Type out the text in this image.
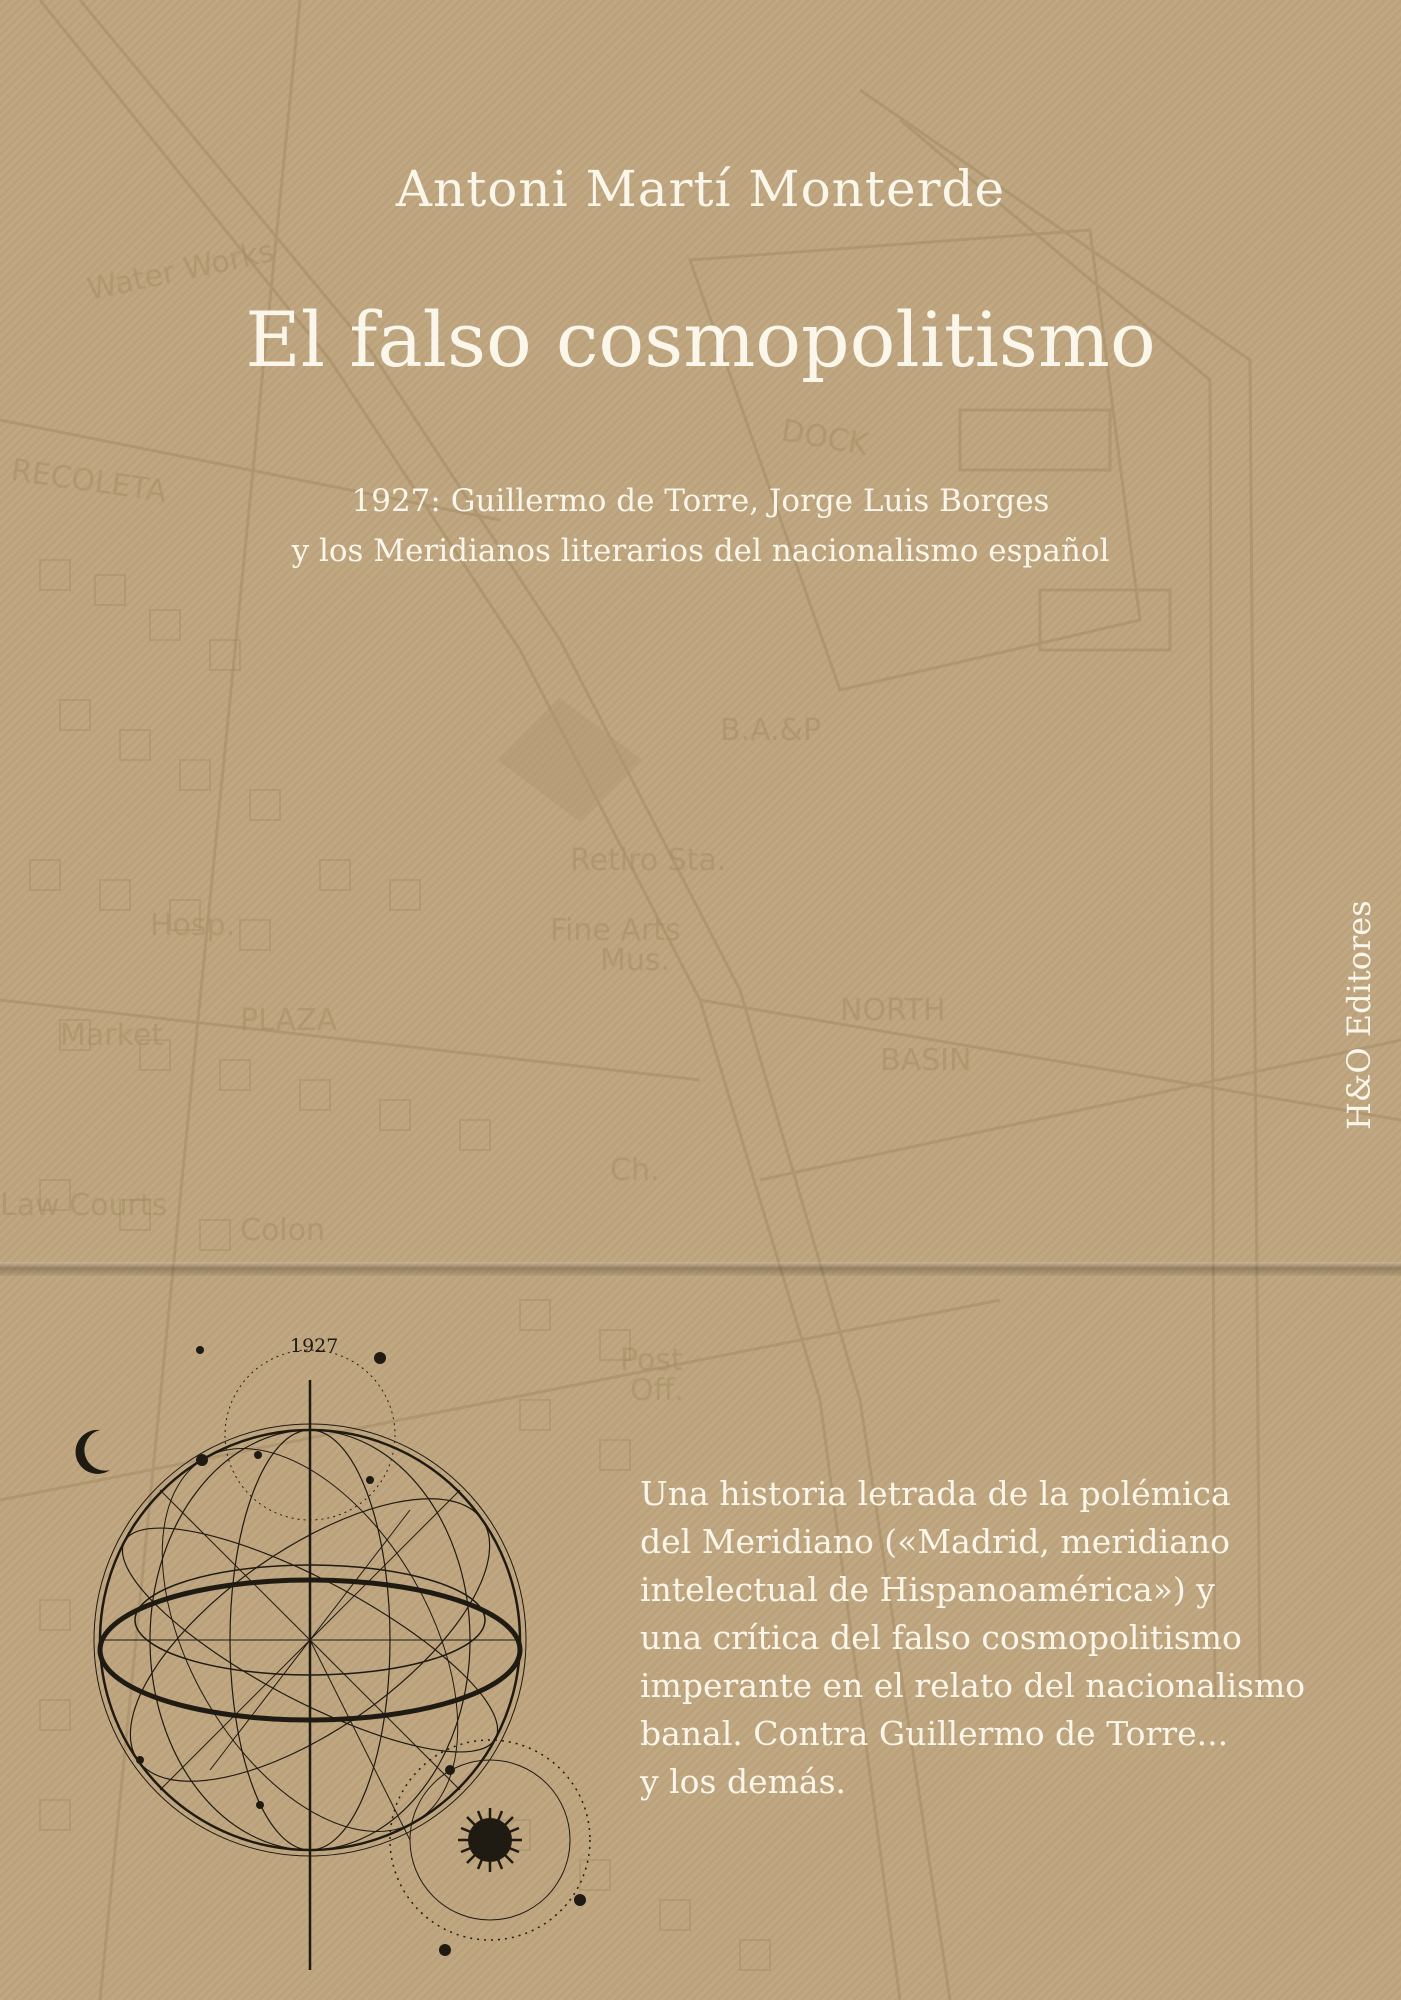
Water Works
DOCK
RECOLETA
B.A.&P
Retiro Sta.
Fine Arts
Mus.
Hosp.
Market	PLAZA	NORTH
BASIN
Law Courts
Colon
Post
Off.
Ch.
Antoni Martí Monterde
El falso cosmopolitismo

1927: Guillermo de Torre, Jorge Luis Borges
y los Meridianos literarios del nacionalismo español

H&O Editores
1927

Una historia letrada de la polémica
del Meridiano («Madrid, meridiano
intelectual de Hispanoamérica») y
una crítica del falso cosmopolitismo
imperante en el relato del nacionalismo
banal. Contra Guillermo de Torre...
y los demás.
